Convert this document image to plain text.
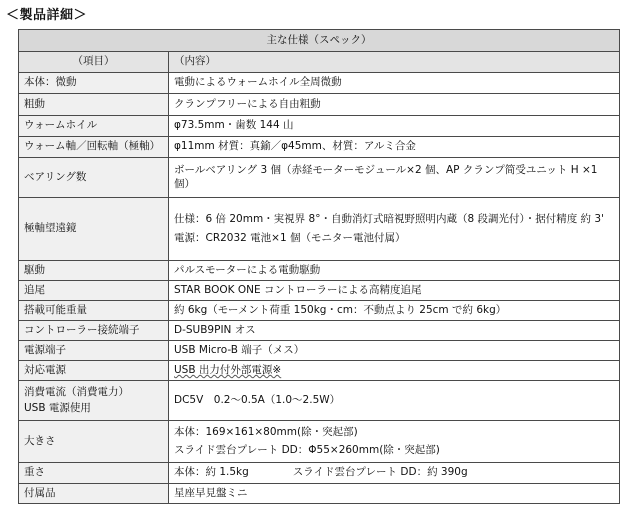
＜製品詳細＞
主な仕様（スペック）	
（項目）	（内容）
本体：微動	電動によるウォームホイル全周微動
粗動	クランプフリーによる自由粗動
ウォームホイル	φ73.5mm・歯数 144 山
ウォーム軸／回転軸（極軸）	φ11mm 材質：真鍮／φ45mm、材質：アルミ合金
ベアリング数	ボールベアリング 3 個（赤経モーターモジュール×2 個、AP クランプ简受ユニット H ×1 個）
極軸望遠鏡	仕様：6 倍 20mm・実視界 8°・自動消灯式暗視野照明内蔵（8 段調光付）・据付精度 約 3'
電源：CR2032 電池×1 個（モニター電池付属）

駆動	パルスモーターによる電動駆動
追尾	STAR BOOK ONE コントローラーによる高精度追尾
搭載可能重量	約 6kg（モーメント荷重 150kg・cm：不動点より 25cm で約 6kg）
コントローラー接続端子	D-SUB9PIN オス
電源端子	USB Micro-B 端子（メス）
対応電源	USB 出力付外部電源※

消費電流（消費電力）
USB 電源使用	DC5V　0.2～0.5A（1.0～2.5W）
大きさ	本体：169×161×80mm(除・突起部)
スライド雲台プレート DD：Φ55×260mm(除・突起部)

重さ	本体：約 1.5kg スライド雲台プレート DD：約 390g
付属品	星座早見盤ミニ
